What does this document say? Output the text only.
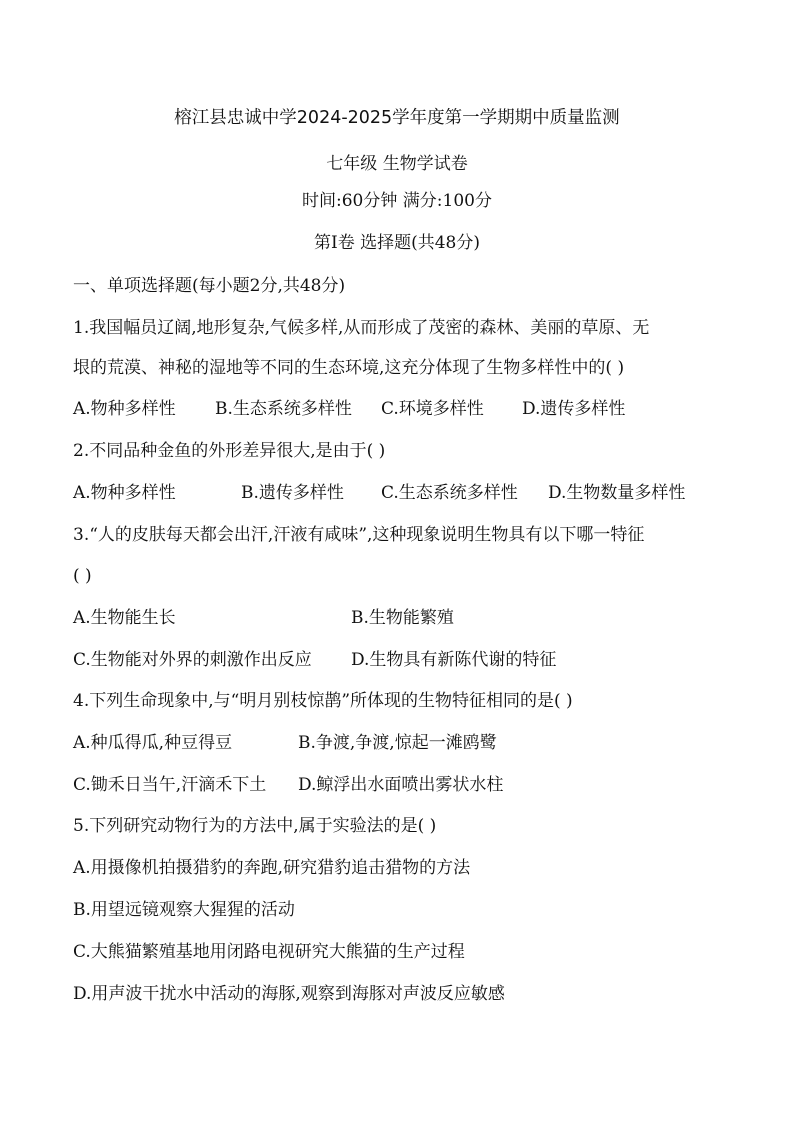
榕江县忠诚中学2024-2025学年度第一学期期中质量监测
七年级 生物学试卷
时间:60分钟 满分:100分
第Ⅰ卷 选择题(共48分)
一、单项选择题(每小题2分,共48分)
1.我国幅员辽阔,地形复杂,气候多样,从而形成了茂密的森林、美丽的草原、无
垠的荒漠、神秘的湿地等不同的生态环境,这充分体现了生物多样性中的( )
A.物种多样性 B.生态系统多样性 C.环境多样性 D.遗传多样性
2.不同品种金鱼的外形差异很大,是由于( )
A.物种多样性	B.遗传多样性 C.生态系统多样性 D.生物数量多样性
3.“人的皮肤每天都会出汗,汗液有咸味”,这种现象说明生物具有以下哪一特征
( )
A.生物能生长	B.生物能繁殖
C.生物能对外界的刺激作出反应 D.生物具有新陈代谢的特征
4.下列生命现象中,与“明月别枝惊鹊”所体现的生物特征相同的是( )
A.种瓜得瓜,种豆得豆	B.争渡,争渡,惊起一滩鸥鹭
C.锄禾日当午,汗滴禾下土 D.鲸浮出水面喷出雾状水柱
5.下列研究动物行为的方法中,属于实验法的是( )
A.用摄像机拍摄猎豹的奔跑,研究猎豹追击猎物的方法
B.用望远镜观察大猩猩的活动
C.大熊猫繁殖基地用闭路电视研究大熊猫的生产过程
D.用声波干扰水中活动的海豚,观察到海豚对声波反应敏感
